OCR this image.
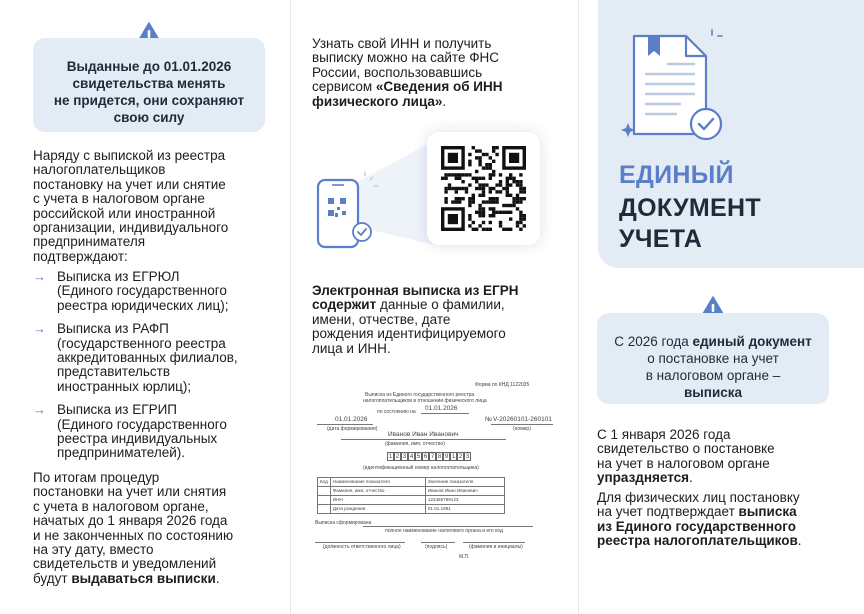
Выданные до 01.01.2026
свидетельства менять
не придется, они сохраняют
свою силу
Наряду с выпиской из реестра
налогоплательщиков
постановку на учет или снятие
с учета в налоговом органе
российской или иностранной
организации, индивидуального
предпринимателя
подтверждают:
→ Выписка из ЕГРЮЛ
(Единого государственного
реестра юридических лиц);
→ Выписка из РАФП
(государственного реестра
аккредитованных филиалов,
представительств
иностранных юрлиц);
→ Выписка из ЕГРИП
(Единого государственного
реестра индивидуальных
предпринимателей).
По итогам процедур
постановки на учет или снятия
с учета в налоговом органе,
начатых до 1 января 2026 года
и не законченных по состоянию
на эту дату, вместо
свидетельств и уведомлений
будут выдаваться выписки.
Узнать свой ИНН и получить
выписку можно на сайте ФНС
России, воспользовавшись
сервисом «Сведения об ИНН
физического лица».
Электронная выписка из ЕГРН
содержит данные о фамилии,
имени, отчестве, дате
рождения идентифицируемого
лица и ИНН.
Форма по КНД 1122035
Выписка из Единого государственного реестра
налогоплательщиков в отношении физического лица
по состоянию на 01.01.2026
01.01.2026	№ V-20260101-260101
(дата формирования)	(номер)
Иванов Иван Иванович
(фамилия, имя, отчество)
1 2 3 4 5 6 7 8 9 1 2 3
(идентификационный номер налогоплательщика)
Код	Наименование показателя	Значение показателя
	Фамилия, имя, отчество	Иванов Иван Иванович
	ИНН	123456789123
	Дата рождения	01.01.1981
Выписка сформирована
полное наименование налогового органа и его код
(должность ответственного лица)	(подпись)	(фамилия и инициалы)
М.П.
ЕДИНЫЙ
ДОКУМЕНТ
УЧЕТА
С 2026 года единый документ
о постановке на учет
в налоговом органе –
выписка
С 1 января 2026 года
свидетельство о постановке
на учет в налоговом органе
упраздняется.
Для физических лиц постановку
на учет подтверждает выписка
из Единого государственного
реестра налогоплательщиков.
